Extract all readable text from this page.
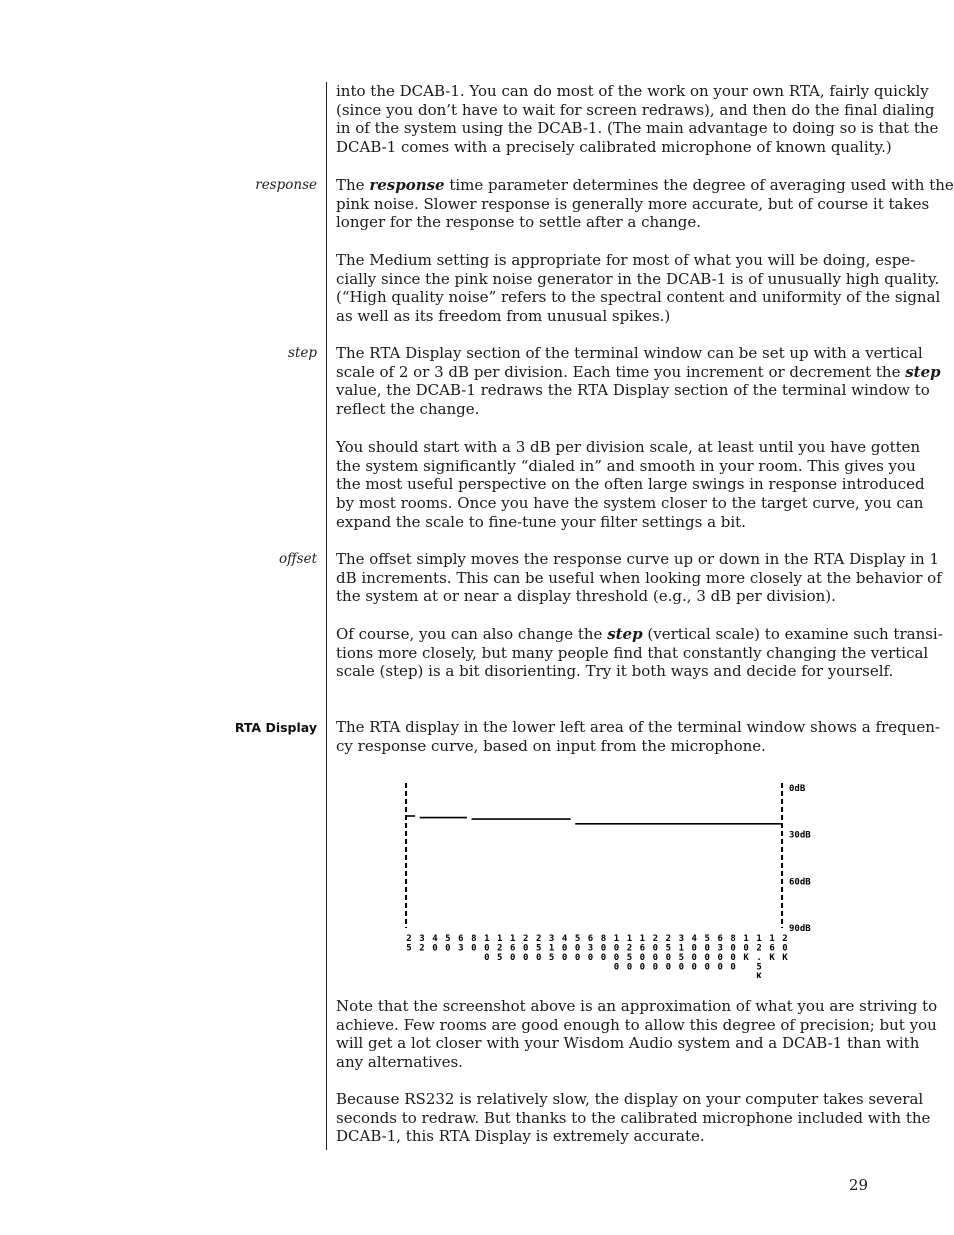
response
step
offset
RTA Display
into the DCAB-1. You can do most of the work on your own RTA, fairly quickly
(since you don’t have to wait for screen redraws), and then do the final dialing
in of the system using the DCAB-1. (The main advantage to doing so is that the
DCAB-1 comes with a precisely calibrated microphone of known quality.)
The response time parameter determines the degree of averaging used with the
pink noise. Slower response is generally more accurate, but of course it takes
longer for the response to settle after a change.
The Medium setting is appropriate for most of what you will be doing, espe-
cially since the pink noise generator in the DCAB-1 is of unusually high quality.
(“High quality noise” refers to the spectral content and uniformity of the signal
as well as its freedom from unusual spikes.)
The RTA Display section of the terminal window can be set up with a vertical
scale of 2 or 3 dB per division. Each time you increment or decrement the step
value, the DCAB-1 redraws the RTA Display section of the terminal window to
reflect the change.
You should start with a 3 dB per division scale, at least until you have gotten
the system significantly “dialed in” and smooth in your room. This gives you
the most useful perspective on the often large swings in response introduced
by most rooms. Once you have the system closer to the target curve, you can
expand the scale to fine-tune your filter settings a bit.
The offset simply moves the response curve up or down in the RTA Display in 1
dB increments. This can be useful when looking more closely at the behavior of
the system at or near a display threshold (e.g., 3 dB per division).
Of course, you can also change the step (vertical scale) to examine such transi-
tions more closely, but many people find that constantly changing the vertical
scale (step) is a bit disorienting. Try it both ways and decide for yourself.
The RTA display in the lower left area of the terminal window shows a frequen-
cy response curve, based on input from the microphone.
0dB
30dB
60dB
90dB
2 5
3 2
4 0
5 0
6 3
8 0
1 0 0
1 2 5
1 6 0
2 0 0
2 5 0
3 1 5
4 0 0
5 0 0
6 3 0
8 0 0
1 0 0 0
1 2 5 0
1 6 0 0
2 0 0 0
2 5 0 0
3 1 5 0
4 0 0 0
5 0 0 0
6 3 0 0
8 0 0 0
1 0 K
1 2 . 5 K
1 6 K
2 0 K
Note that the screenshot above is an approximation of what you are striving to
achieve. Few rooms are good enough to allow this degree of precision; but you
will get a lot closer with your Wisdom Audio system and a DCAB-1 than with
any alternatives.
Because RS232 is relatively slow, the display on your computer takes several
seconds to redraw. But thanks to the calibrated microphone included with the
DCAB-1, this RTA Display is extremely accurate.
29
